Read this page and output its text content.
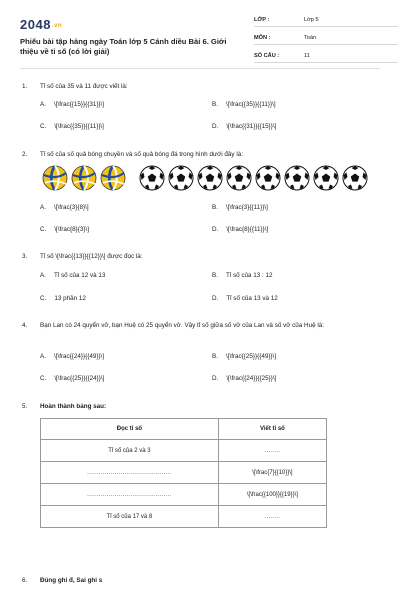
2048.vn
Phiếu bài tập hàng ngày Toán lớp 5 Cánh diều Bài 6. Giới thiệu về tỉ số (có lời giải)
LỚP :	Lớp 5
MÔN :	Toán
SỐ CÂU :	11
1. Tỉ số của 35 và 11 được viết là:
A. \[\frac{{15}}{{31}}\]	B. \[\frac{{35}}{{11}}\]
C. \[\frac{{35}}{{11}}\]	D. \[\frac{{31}}{{15}}\]
2. Tỉ số của số quả bóng chuyền và số quả bóng đá trong hình dưới đây là:
A. \[\frac{3}{8}\]	B. \[\frac{3}{{11}}\]
C. \[\frac{8}{3}\]	D. \[\frac{8}{{11}}\]
3. Tỉ số \[\frac{{13}}{{12}}\] được đọc là:
A. Tỉ số của 12 và 13	B. Tỉ số của 13 : 12
C. 13 phần 12	D. Tỉ số của 13 và 12
4. Bạn Lan có 24 quyển vở, bạn Huệ có 25 quyển vở. Vậy tỉ số giữa số vở của Lan và số vở của Huệ là:
A. \[\frac{{24}}{{49}}\]	B. \[\frac{{25}}{{49}}\]
C. \[\frac{{25}}{{24}}\]	D. \[\frac{{24}}{{25}}\]
5. Hoàn thành bảng sau:
Đọc tỉ số	Viết tỉ số
Tỉ số của 2 và 3	........
...........................................	\[\frac{7}{{10}}\]
...........................................	\[\frac{{100}}{{19}}\]
Tỉ số của 17 và 8	........
6. Đúng ghi đ, Sai ghi s
